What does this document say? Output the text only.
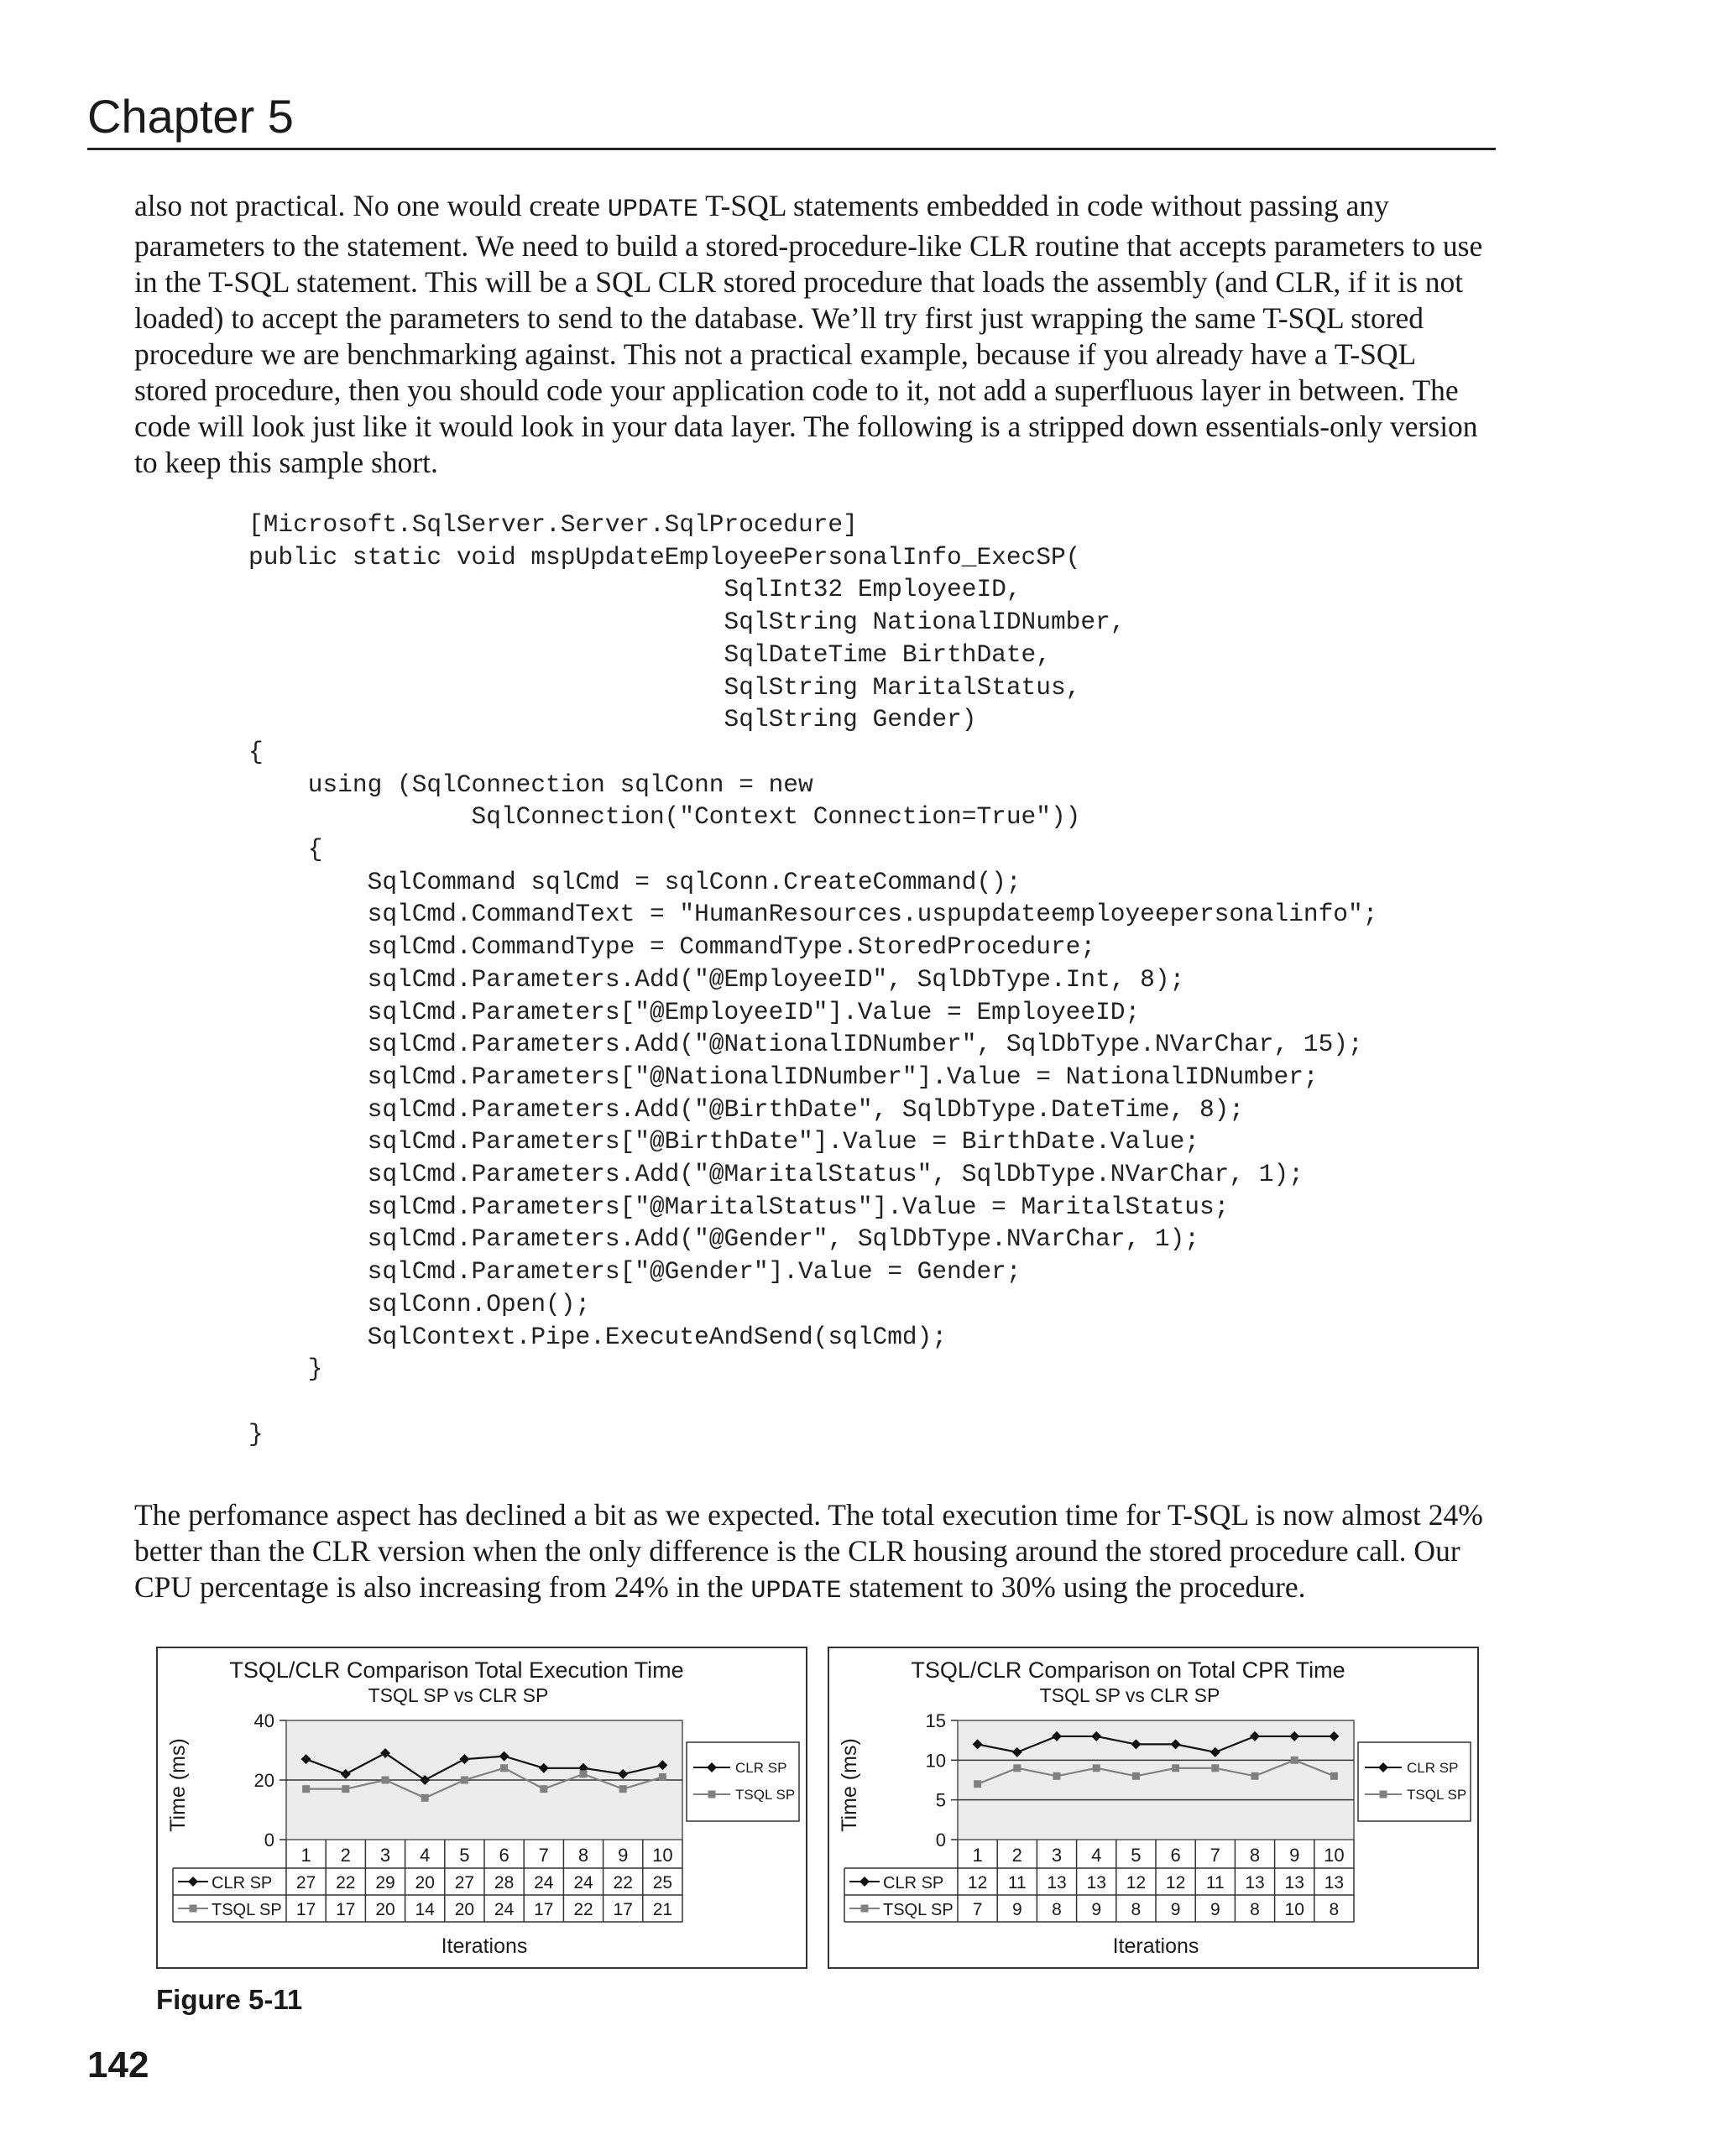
Chapter 5

also not practical. No one would create UPDATE T-SQL statements embedded in code without passing any parameters to the statement. We need to build a stored-procedure-like CLR routine that accepts parameters to use in the T-SQL statement. This will be a SQL CLR stored procedure that loads the assembly (and CLR, if it is not loaded) to accept the parameters to send to the database. We’ll try first just wrapping the same T-SQL stored procedure we are benchmarking against. This not a practical example, because if you already have a T-SQL stored procedure, then you should code your application code to it, not add a superfluous layer in between. The code will look just like it would look in your data layer. The following is a stripped down essentials-only version to keep this sample short.

[Microsoft.SqlServer.Server.SqlProcedure]
public static void mspUpdateEmployeePersonalInfo_ExecSP(
SqlInt32 EmployeeID,
SqlString NationalIDNumber,
SqlDateTime BirthDate,
SqlString MaritalStatus,
SqlString Gender)
{
using (SqlConnection sqlConn = new
SqlConnection("Context Connection=True"))
{
SqlCommand sqlCmd = sqlConn.CreateCommand();
sqlCmd.CommandText = "HumanResources.uspupdateemployeepersonalinfo";
sqlCmd.CommandType = CommandType.StoredProcedure;
sqlCmd.Parameters.Add("@EmployeeID", SqlDbType.Int, 8);
sqlCmd.Parameters["@EmployeeID"].Value = EmployeeID;
sqlCmd.Parameters.Add("@NationalIDNumber", SqlDbType.NVarChar, 15);
sqlCmd.Parameters["@NationalIDNumber"].Value = NationalIDNumber;
sqlCmd.Parameters.Add("@BirthDate", SqlDbType.DateTime, 8);
sqlCmd.Parameters["@BirthDate"].Value = BirthDate.Value;
sqlCmd.Parameters.Add("@MaritalStatus", SqlDbType.NVarChar, 1);
sqlCmd.Parameters["@MaritalStatus"].Value = MaritalStatus;
sqlCmd.Parameters.Add("@Gender", SqlDbType.NVarChar, 1);
sqlCmd.Parameters["@Gender"].Value = Gender;
sqlConn.Open();
SqlContext.Pipe.ExecuteAndSend(sqlCmd);
}

}

The perfomance aspect has declined a bit as we expected. The total execution time for T-SQL is now almost 24% better than the CLR version when the only difference is the CLR housing around the stored procedure call. Our CPU percentage is also increasing from 24% in the UPDATE statement to 30% using the procedure.

TSQL/CLR Comparison Total Execution Time
TSQL SP vs CLR SP
0
20
40
Time (ms)
1 2 3 4 5 6 7 8 9 10
27 22 29 20 27 28 24 24 22 25
CLR SP
17 17 20 14 20 24 17 22 17 21
TSQL SP
CLR SP
TSQL SP
Iterations
TSQL/CLR Comparison on Total CPR Time
TSQL SP vs CLR SP
0
5
10
15
Time (ms)
1 2 3 4 5 6 7 8 9 10
12 11 13 13 12 12 11 13 13 13
CLR SP
7 9 8 9 8 9 9 8 10 8
TSQL SP
CLR SP
TSQL SP
Iterations
Figure 5-11
142
